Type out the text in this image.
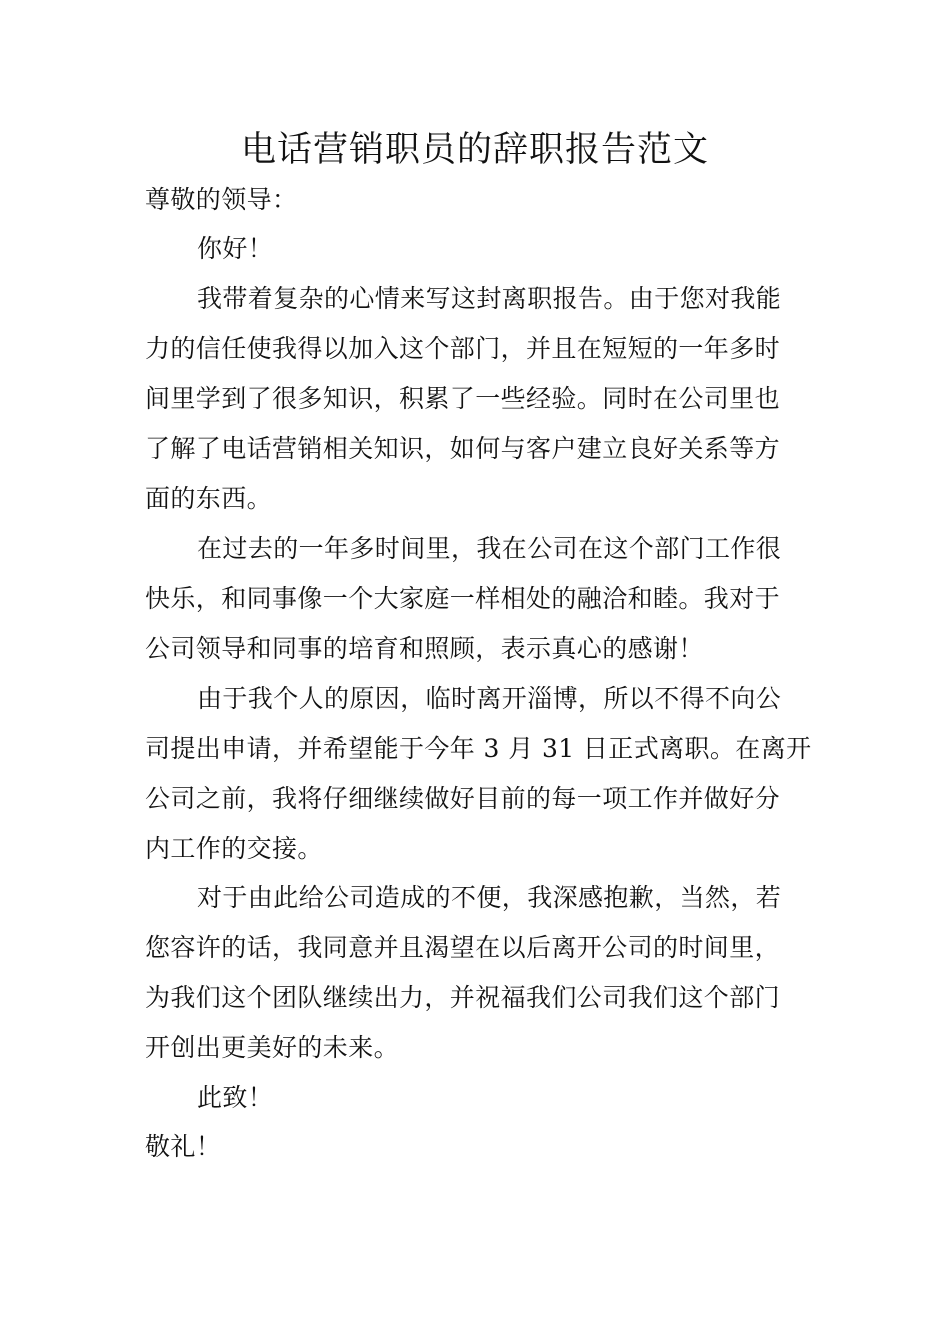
电话营销职员的辞职报告范文
尊敬的领导：
你好！
我带着复杂的心情来写这封离职报告。由于您对我能
力的信任使我得以加入这个部门，并且在短短的一年多时
间里学到了很多知识，积累了一些经验。同时在公司里也
了解了电话营销相关知识，如何与客户建立良好关系等方
面的东西。
在过去的一年多时间里，我在公司在这个部门工作很
快乐，和同事像一个大家庭一样相处的融洽和睦。我对于
公司领导和同事的培育和照顾，表示真心的感谢！
由于我个人的原因，临时离开淄博，所以不得不向公
司提出申请，并希望能于今年 3 月 31 日正式离职。在离开
公司之前，我将仔细继续做好目前的每一项工作并做好分
内工作的交接。
对于由此给公司造成的不便，我深感抱歉，当然，若
您容许的话，我同意并且渴望在以后离开公司的时间里，
为我们这个团队继续出力，并祝福我们公司我们这个部门
开创出更美好的未来。
此致！
敬礼！
